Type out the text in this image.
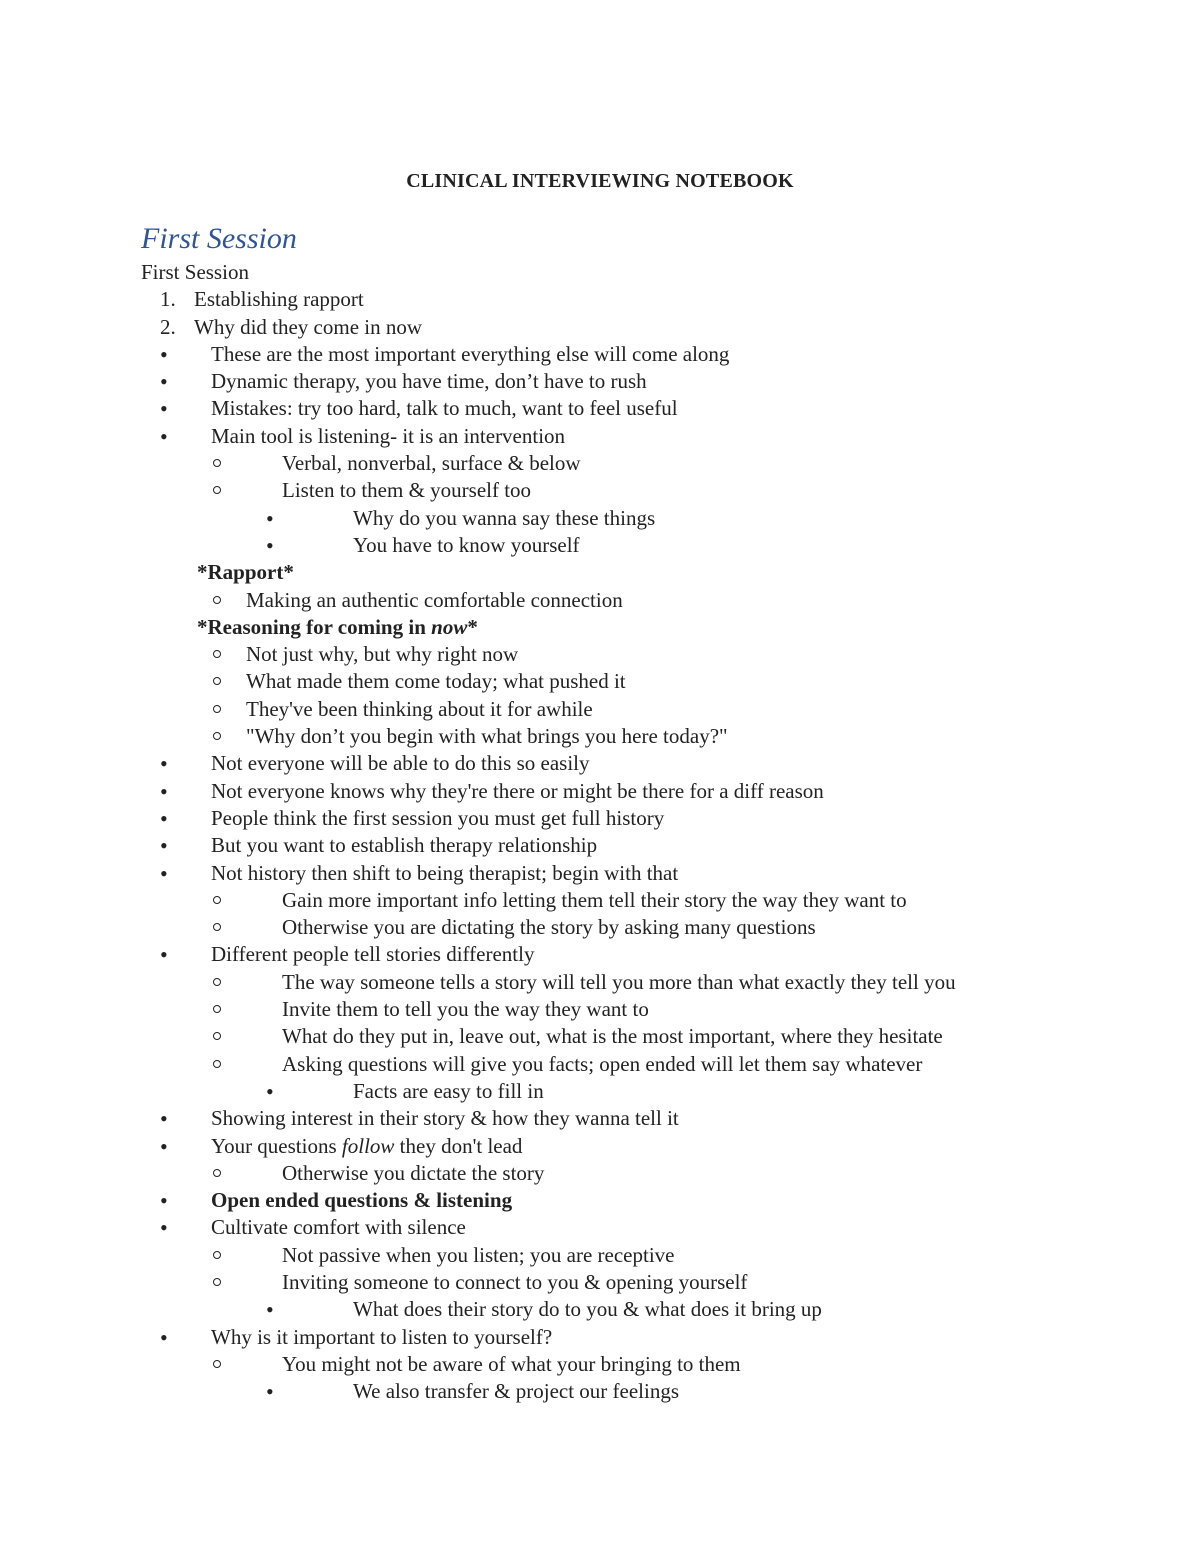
CLINICAL INTERVIEWING NOTEBOOK
First Session
First Session
1. Establishing rapport
2. Why did they come in now
• These are the most important everything else will come along
• Dynamic therapy, you have time, don’t have to rush
• Mistakes: try too hard, talk to much, want to feel useful
• Main tool is listening- it is an intervention
Verbal, nonverbal, surface & below
Listen to them & yourself too
•	Why do you wanna say these things
•	You have to know yourself
*Rapport*
Making an authentic comfortable connection
*Reasoning for coming in now*
Not just why, but why right now
What made them come today; what pushed it
They've been thinking about it for awhile
"Why don’t you begin with what brings you here today?"
• Not everyone will be able to do this so easily
• Not everyone knows why they're there or might be there for a diff reason
• People think the first session you must get full history
• But you want to establish therapy relationship
• Not history then shift to being therapist; begin with that
Gain more important info letting them tell their story the way they want to
Otherwise you are dictating the story by asking many questions
• Different people tell stories differently
The way someone tells a story will tell you more than what exactly they tell you
Invite them to tell you the way they want to
What do they put in, leave out, what is the most important, where they hesitate
Asking questions will give you facts; open ended will let them say whatever
•	Facts are easy to fill in
• Showing interest in their story & how they wanna tell it
• Your questions follow they don't lead
Otherwise you dictate the story
• Open ended questions & listening
• Cultivate comfort with silence
Not passive when you listen; you are receptive
Inviting someone to connect to you & opening yourself
•	What does their story do to you & what does it bring up
• Why is it important to listen to yourself?
You might not be aware of what your bringing to them
•	We also transfer & project our feelings
